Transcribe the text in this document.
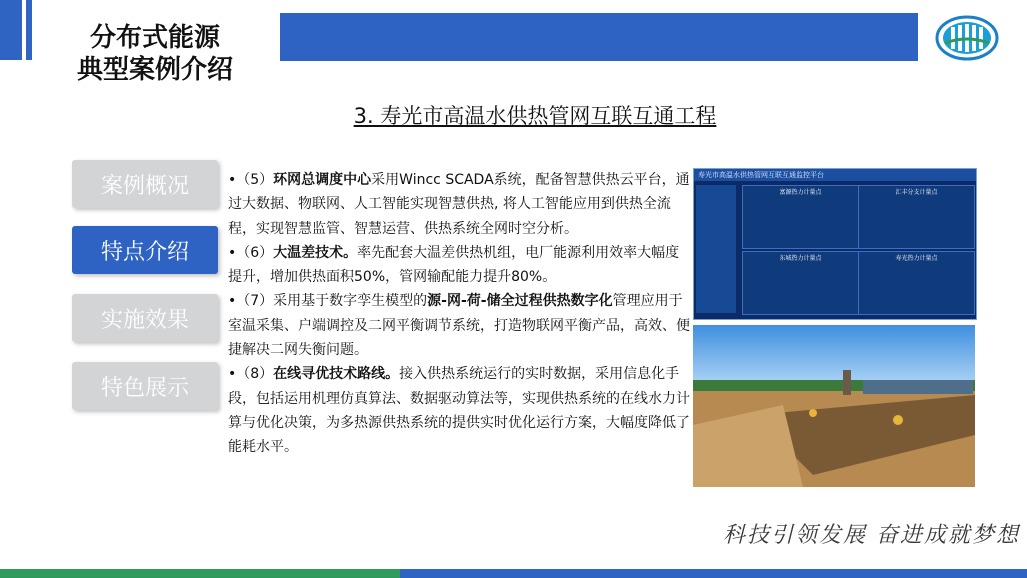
分布式能源
典型案例介绍
3. 寿光市高温水供热管网互联互通工程
案例概况
特点介绍
实施效果
特色展示

•（5）环网总调度中心采用Wincc SCADA系统，配备智慧供热云平台，通过大数据、物联网、人工智能实现智慧供热, 将人工智能应用到供热全流程，实现智慧监管、智慧运营、供热系统全网时空分析。

•（6）大温差技术。率先配套大温差供热机组，电厂能源利用效率大幅度提升，增加供热面积50%，管网输配能力提升80%。

•（7）采用基于数字孪生模型的源-网-荷-储全过程供热数字化管理应用于室温采集、户端调控及二网平衡调节系统，打造物联网平衡产品，高效、便捷解决二网失衡问题。

•（8）在线寻优技术路线。接入供热系统运行的实时数据，采用信息化手段，包括运用机理仿真算法、数据驱动算法等，实现供热系统的在线水力计算与优化决策，为多热源供热系统的提供实时优化运行方案，大幅度降低了能耗水平。

寿光市高温水供热管网互联互通监控平台
富源热力计量点	汇丰分支计量点
东城热力计量点	寿光热力计量点
科技引领发展 奋进成就梦想
